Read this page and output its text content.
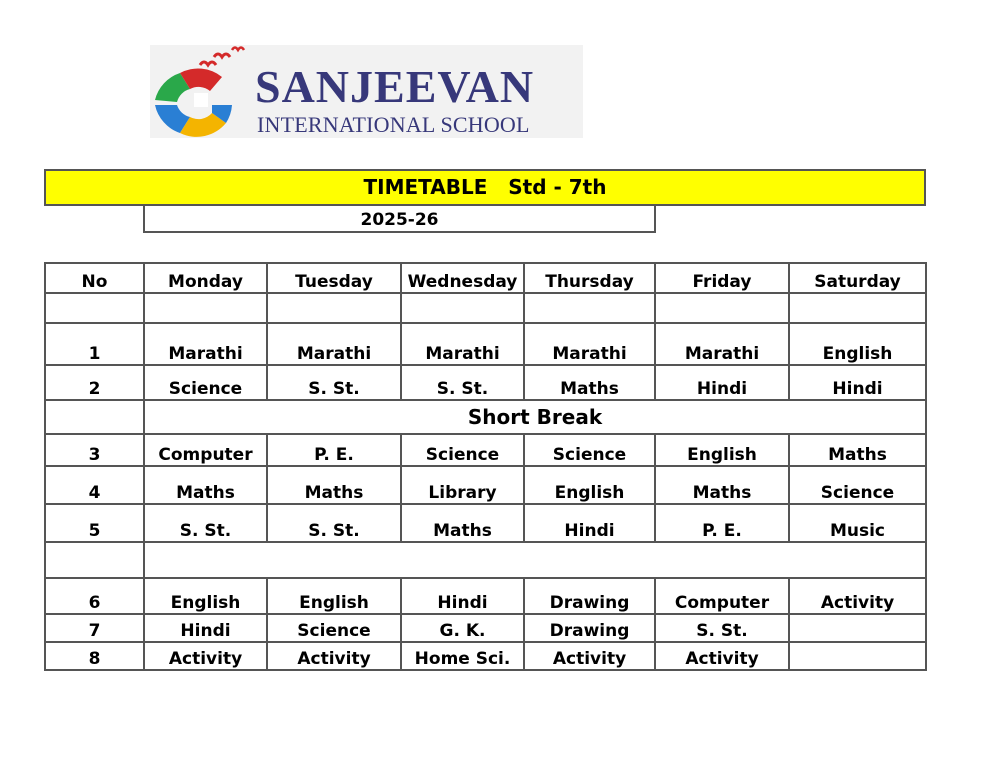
SANJEEVAN
INTERNATIONAL SCHOOL
TIMETABLE   Std - 7th
2025-26
No	Monday	Tuesday	Wednesday	Thursday	Friday	Saturday

1	Marathi	Marathi	Marathi	Marathi	Marathi	English
2	Science	S. St.	S. St.	Maths	Hindi	Hindi
	Short Break					
3	Computer	P. E.	Science	Science	English	Maths
4	Maths	Maths	Library	English	Maths	Science
5	S. St.	S. St.	Maths	Hindi	P. E.	Music

6	English	English	Hindi	Drawing	Computer	Activity
7	Hindi	Science	G. K.	Drawing	S. St.	
8	Activity	Activity	Home Sci.	Activity	Activity	
